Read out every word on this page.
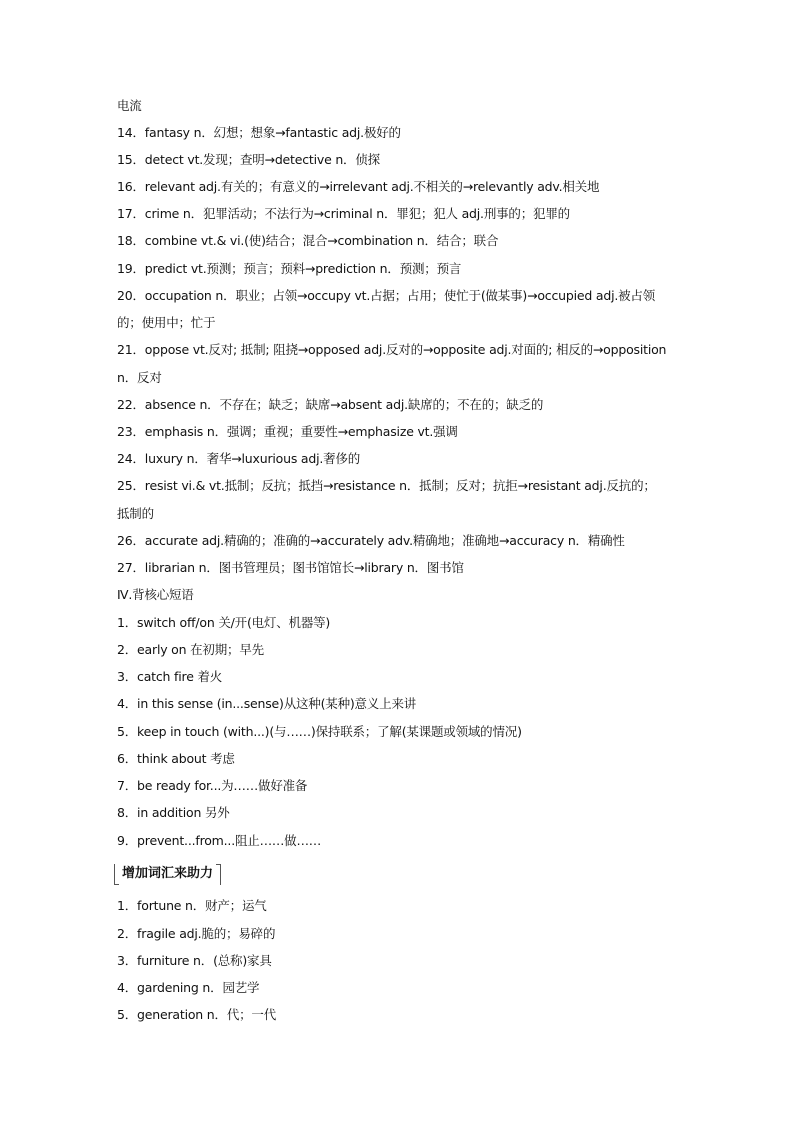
电流
14．fantasy n．幻想；想象→fantastic adj.极好的
15．detect vt.发现；查明→detective n．侦探
16．relevant adj.有关的；有意义的→irrelevant adj.不相关的→relevantly adv.相关地
17．crime n．犯罪活动；不法行为→criminal n．罪犯；犯人 adj.刑事的；犯罪的
18．combine vt.& vi.(使)结合；混合→combination n．结合；联合
19．predict vt.预测；预言；预料→prediction n．预测；预言
20．occupation n．职业；占领→occupy vt.占据；占用；使忙于(做某事)→occupied adj.被占领
的；使用中；忙于
21．oppose vt.反对; 抵制; 阻挠→opposed adj.反对的→opposite adj.对面的; 相反的→opposition
n．反对
22．absence n．不存在；缺乏；缺席→absent adj.缺席的；不在的；缺乏的
23．emphasis n．强调；重视；重要性→emphasize vt.强调
24．luxury n．奢华→luxurious adj.奢侈的
25．resist vi.& vt.抵制；反抗；抵挡→resistance n．抵制；反对；抗拒→resistant adj.反抗的；
抵制的
26．accurate adj.精确的；准确的→accurately adv.精确地；准确地→accuracy n．精确性
27．librarian n．图书管理员；图书馆馆长→library n．图书馆
Ⅳ.背核心短语
1．switch off/on 关/开(电灯、机器等)
2．early on 在初期；早先
3．catch fire 着火
4．in this sense (in...sense)从这种(某种)意义上来讲
5．keep in touch (with...)(与……)保持联系；了解(某课题或领域的情况)
6．think about 考虑
7．be ready for...为……做好准备
8．in addition 另外
9．prevent...from...阻止……做……
增加词汇来助力
1．fortune n．财产；运气
2．fragile adj.脆的；易碎的
3．furniture n．(总称)家具
4．gardening n．园艺学
5．generation n．代；一代
